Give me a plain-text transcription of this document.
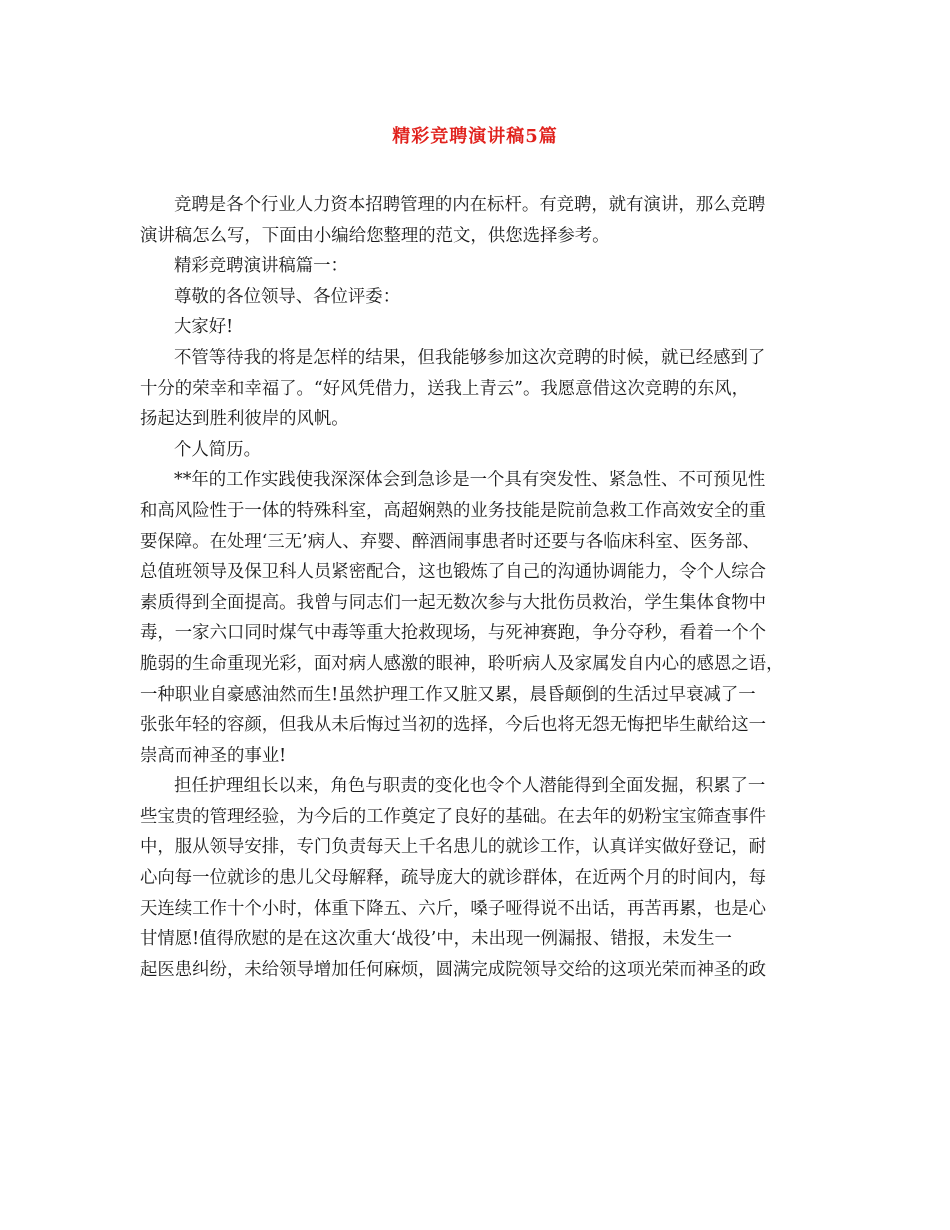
精彩竞聘演讲稿5篇
竞聘是各个行业人力资本招聘管理的内在标杆。有竞聘，就有演讲，那么竞聘
演讲稿怎么写，下面由小编给您整理的范文，供您选择参考。
精彩竞聘演讲稿篇一：
尊敬的各位领导、各位评委：
大家好!
不管等待我的将是怎样的结果，但我能够参加这次竞聘的时候，就已经感到了
十分的荣幸和幸福了。“好风凭借力，送我上青云”。我愿意借这次竞聘的东风，
扬起达到胜利彼岸的风帆。
个人简历。
**年的工作实践使我深深体会到急诊是一个具有突发性、紧急性、不可预见性
和高风险性于一体的特殊科室，高超娴熟的业务技能是院前急救工作高效安全的重
要保障。在处理‘三无’病人、弃婴、醉酒闹事患者时还要与各临床科室、医务部、
总值班领导及保卫科人员紧密配合，这也锻炼了自己的沟通协调能力，令个人综合
素质得到全面提高。我曾与同志们一起无数次参与大批伤员救治，学生集体食物中
毒，一家六口同时煤气中毒等重大抢救现场，与死神赛跑，争分夺秒，看着一个个
脆弱的生命重现光彩，面对病人感激的眼神，聆听病人及家属发自内心的感恩之语，
一种职业自豪感油然而生!虽然护理工作又脏又累，晨昏颠倒的生活过早衰减了一
张张年轻的容颜，但我从未后悔过当初的选择，今后也将无怨无悔把毕生献给这一
崇高而神圣的事业!
担任护理组长以来，角色与职责的变化也令个人潜能得到全面发掘，积累了一
些宝贵的管理经验，为今后的工作奠定了良好的基础。在去年的奶粉宝宝筛查事件
中，服从领导安排，专门负责每天上千名患儿的就诊工作，认真详实做好登记，耐
心向每一位就诊的患儿父母解释，疏导庞大的就诊群体，在近两个月的时间内，每
天连续工作十个小时，体重下降五、六斤，嗓子哑得说不出话，再苦再累，也是心
甘情愿!值得欣慰的是在这次重大‘战役’中，未出现一例漏报、错报，未发生一
起医患纠纷，未给领导增加任何麻烦，圆满完成院领导交给的这项光荣而神圣的政
